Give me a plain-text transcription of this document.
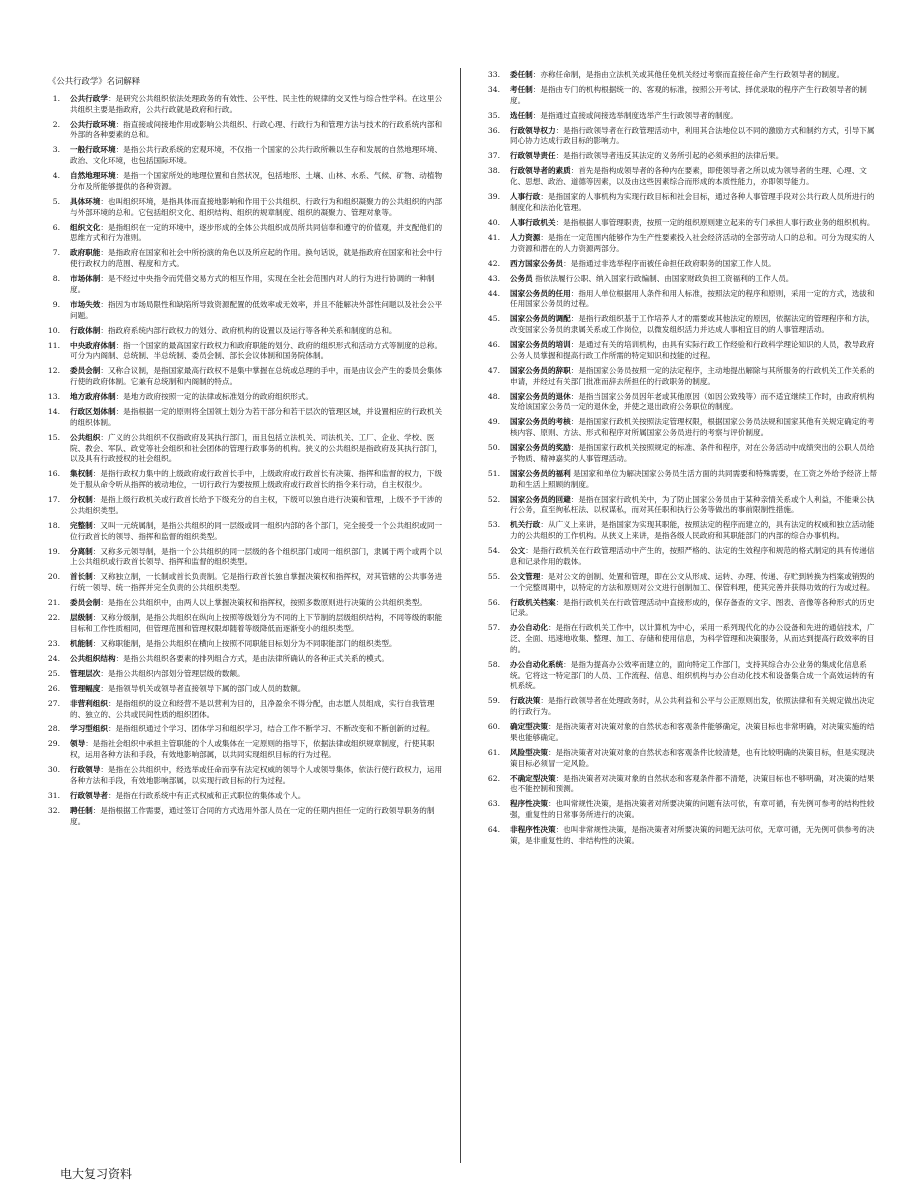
《公共行政学》名词解释
1.	公共行政学：是研究公共组织依法处理政务的有效性、公平性、民主性的规律的交叉性与综合性学科。在这里公共组织主要是指政府，公共行政就是政府和行政。
2.	公共行政环境：指直接或间接地作用或影响公共组织、行政心理、行政行为和管理方法与技术的行政系统内部和外部的各种要素的总和。
3.	一般行政环境：是指公共行政系统的宏观环境，不仅指一个国家的公共行政所赖以生存和发展的自然地理环境、政治、文化环境，也包括国际环境。
4.	自然地理环境：是指一个国家所处的地理位置和自然状况，包括地形、土壤、山林、水系、气候、矿物、动植物分布及所能够提供的各种资源。
5.	具体环境：也叫组织环境，是指具体而直接地影响和作用于公共组织、行政行为和组织凝聚力的公共组织的内部与外部环境的总和。它包括组织文化、组织结构、组织的规章制度、组织的凝聚力、管理对象等。
6.	组织文化：是指组织在一定的环境中，逐步形成的全体公共组织成员所共同信奉和遵守的价值观，并支配他们的思维方式和行为准则。
7.	政府职能：是指政府在国家和社会中所扮演的角色以及所应起的作用。换句话说，就是指政府在国家和社会中行使行政权力的范围、程度和方式。
8.	市场体制：是不经过中央指令而凭借交易方式的相互作用，实现在全社会范围内对人的行为进行协调的一种制度。
9.	市场失效：指因为市场局限性和缺陷所导致资源配置的低效率或无效率，并且不能解决外部性问题以及社会公平问题。
10.	行政体制：指政府系统内部行政权力的划分、政府机构的设置以及运行等各种关系和制度的总和。
11.	中央政府体制：指一个国家的最高国家行政权力和政府职能的划分、政府的组织形式和活动方式等制度的总称。可分为内阁制、总统制、半总统制、委员会制、部长会议体制和国务院体制。
12.	委员会制：又称合议制，是指国家最高行政权不是集中掌握在总统或总理的手中，而是由议会产生的委员会集体行使的政府体制。它兼有总统制和内阁制的特点。
13.	地方政府体制：是地方政府按照一定的法律或标准划分的政府组织形式。
14.	行政区划体制：是指根据一定的原则将全国领土划分为若干部分和若干层次的管理区域，并设置相应的行政机关的组织体制。
15.	公共组织：广义的公共组织不仅指政府及其执行部门，而且包括立法机关、司法机关、工厂、企业、学校、医院、教会、军队、政党等社会组织和社会团体的管理行政事务的机构。狭义的公共组织是指政府及其执行部门，以及具有行政授权的社会组织。
16.	集权制：是指行政权力集中的上级政府或行政首长手中，上级政府或行政首长有决策、指挥和监督的权力，下级处于服从命令听从指挥的被动地位，一切行政行为要按照上级政府或行政首长的指令来行动，自主权很少。
17.	分权制：是指上级行政机关或行政首长给予下级充分的自主权，下级可以独自进行决策和管理，上级不予干涉的公共组织类型。
18.	完整制：又叫一元统属制，是指公共组织的同一层级或同一组织内部的各个部门，完全接受一个公共组织或同一位行政首长的领导、指挥和监督的组织类型。
19.	分离制：又称多元领导制，是指一个公共组织的同一层级的各个组织部门或同一组织部门，隶属于两个或两个以上公共组织或行政首长领导、指挥和监督的组织类型。
20.	首长制：又称独立制，一长制或首长负责制。它是指行政首长独自掌握决策权和指挥权，对其管辖的公共事务进行统一领导、统一指挥并完全负责的公共组织类型。
21.	委员会制：是指在公共组织中，由两人以上掌握决策权和指挥权，按照多数原则进行决策的公共组织类型。
22.	层级制：又称分级制，是指公共组织在纵向上按照等级划分为不同的上下节制的层级组织结构，不同等级的职能目标和工作性质相同，但管理范围和管理权限却随着等级降低而逐渐变小的组织类型。
23.	机能制：又称职能制，是指公共组织在横向上按照不同职能目标划分为不同职能部门的组织类型。
24.	公共组织结构：是指公共组织各要素的排列组合方式，是由法律所确认的各种正式关系的模式。
25.	管理层次：是指公共组织内部划分管理层级的数额。
26.	管理幅度：是指领导机关或领导者直接领导下属的部门或人员的数额。
27.	非营利组织：是指组织的设立和经营不是以营利为目的，且净盈余不得分配，由志愿人员组成，实行自我管理的、独立的、公共或民间性质的组织团体。
28.	学习型组织：是指组织通过个学习、团体学习和组织学习，结合工作不断学习、不断改变和不断创新的过程。
29.	领导：是指社会组织中承担主管职能的个人或集体在一定原则的指导下，依据法律或组织规章制度，行使其职权，运用各种方法和手段，有效地影响部属，以共同实现组织目标的行为过程。
30.	行政领导：是指在公共组织中，经选举或任命而享有法定权威的领导个人或领导集体，依法行使行政权力，运用各种方法和手段，有效地影响部属，以实现行政目标的行为过程。
31.	行政领导者：是指在行政系统中有正式权威和正式职位的集体或个人。
32.	聘任制：是指根据工作需要，通过签订合同的方式选用外部人员在一定的任期内担任一定的行政领导职务的制度。
33.	委任制：亦称任命制，是指由立法机关或其他任免机关经过考察而直接任命产生行政领导者的制度。
34.	考任制：是指由专门的机构根据统一的、客观的标准，按照公开考试、择优录取的程序产生行政领导者的制度。
35.	选任制：是指通过直接或间接选举制度选举产生行政领导者的制度。
36.	行政领导权力：是指行政领导者在行政管理活动中，利用其合法地位以不同的激励方式和制约方式，引导下属同心协力达成行政目标的影响力。
37.	行政领导责任：是指行政领导者违反其法定的义务所引起的必须承担的法律后果。
38.	行政领导者的素质：首先是指构成领导者的各种内在要素，即使领导者之所以成为领导者的生理、心理、文化、思想、政治、道德等因素，以及由这些因素综合而形成的本质性能力，亦即领导能力。
39.	人事行政：是指国家的人事机构为实现行政目标和社会目标，通过各种人事管理手段对公共行政人员所进行的制度化和法治化管理。
40.	人事行政机关：是指根据人事管理职责，按照一定的组织原则建立起来的专门承担人事行政业务的组织机构。
41.	人力资源：是指在一定范围内能够作为生产性要素投入社会经济活动的全部劳动人口的总和。可分为现实的人力资源和潜在的人力资源两部分。
42.	西方国家公务员：是指通过非选举程序而被任命担任政府职务的国家工作人员。
43.	公务员 指依法履行公职、纳入国家行政编制、由国家财政负担工资福利的工作人员。
44.	国家公务员的任用：指用人单位根据用人条件和用人标准，按照法定的程序和原则，采用一定的方式，选拔和任用国家公务员的过程。
45.	国家公务员的调配：是指行政组织基于工作培养人才的需要或其他法定的原因，依据法定的管理程序和方法，改变国家公务员的隶属关系或工作岗位，以微发组织活力并达成人事相宜目的的人事管理活动。
46.	国家公务员的培训：是通过有关的培训机构，由具有实际行政工作经验和行政科学理论知识的人员，教导政府公务人员掌握和提高行政工作所需的特定知识和技能的过程。
47.	国家公务员的辞职：是指国家公务员按照一定的法定程序，主动地提出解除与其所服务的行政机关工作关系的申请，并经过有关部门批准而辞去所担任的行政职务的制度。
48.	国家公务员的退休：是指当国家公务员因年老或其他原因（如因公致残等）而不适宜继续工作时，由政府机构发给该国家公务员一定的退休金，并使之退出政府公务职位的制度。
49.	国家公务员的考核：是指国家行政机关按照法定管理权限，根据国家公务员法规和国家其他有关规定确定的考核内容、原则、方法、形式和程序对所属国家公务员进行的考察与评价制度。
50.	国家公务员的奖励：是指国家行政机关按照规定的标准、条件和程序，对在公务活动中成绩突出的公职人员给予物质、精神嘉奖的人事管理活动。
51.	国家公务员的福利 是国家和单位为解决国家公务员生活方面的共同需要和特殊需要，在工资之外给予经济上帮助和生活上照顾的制度。
52.	国家公务员的回避：是指在国家行政机关中，为了防止国家公务员由于某种亲情关系或个人利益，不能秉公执行公务，直至徇私枉法、以权谋私，而对其任职和执行公务等做出的事前限制性措施。
53.	机关行政：从广义上来讲，是指国家为实现其职能，按照法定的程序而建立的，具有法定的权威和独立活动能力的公共组织的工作机构。从狭义上来讲，是指各级人民政府和其职能部门的内部的综合办事机构。
54.	公文：是指行政机关在行政管理活动中产生的，按照严格的、法定的生效程序和规范的格式制定的具有传递信息和记录作用的载体。
55.	公文管理：是对公文的创制、处置和管理，即在公文从形成、运转、办理、传递、存贮到转换为档案或销毁的一个完整周期中，以特定的方法和原则对公文进行创制加工、保管料理，使其完善并获得功效的行为或过程。
56.	行政机关档案：是指行政机关在行政管理活动中直接形成的，保存备查的文字、图表、音像等各种形式的历史记录。
57.	办公自动化：是指在行政机关工作中，以计算机为中心，采用一系列现代化的办公设备和先进的通信技术，广泛、全面、迅速地收集、整理、加工、存储和使用信息，为科学管理和决策服务，从而达到提高行政效率的目的。
58.	办公自动化系统：是指为提高办公效率而建立的，面向特定工作部门，支持其综合办公业务的集成化信息系统。它将这一特定部门的人员、工作流程、信息、组织机构与办公自动化技术和设备集合成一个高效运转的有机系统。
59.	行政决策：是指行政领导者在处理政务时，从公共利益和公平与公正原则出发，依照法律和有关规定做出决定的行政行为。
60.	确定型决策：是指决策者对决策对象的自然状态和客观条件能够确定，决策目标也非常明确，对决策实施的结果也能够确定。
61.	风险型决策：是指决策者对决策对象的自然状态和客观条件比较清楚，也有比较明确的决策目标，但是实现决策目标必须冒一定风险。
62.	不确定型决策：是指决策者对决策对象的自然状态和客观条件都不清楚，决策目标也不够明确，对决策的结果也不能控制和预测。
63.	程序性决策：也叫常规性决策，是指决策者对所要决策的问题有法可依，有章可循，有先例可参考的结构性较强，重复性的日常事务所进行的决策。
64.	非程序性决策：也叫非常规性决策，是指决策者对所要决策的问题无法可依，无章可循，无先例可供参考的决策，是非重复性的、非结构性的决策。
电大复习资料
